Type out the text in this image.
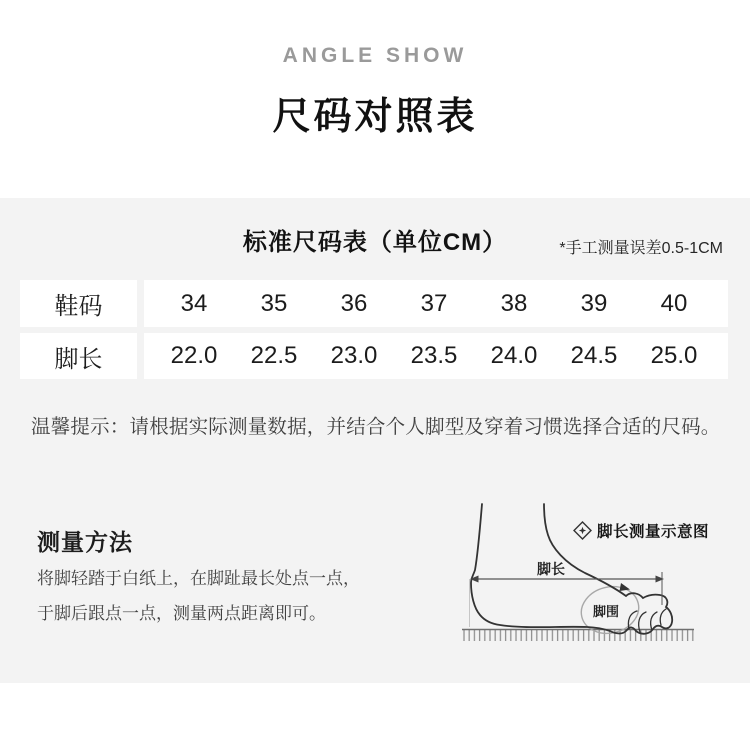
ANGLE SHOW
尺码对照表
标准尺码表（单位CM）	*手工测量误差0.5-1CM
鞋码	34	35	36	37	38	39	40
脚长	22.0	22.5	23.0	23.5	24.0	24.5	25.0
温馨提示：请根据实际测量数据，并结合个人脚型及穿着习惯选择合适的尺码。
测量方法
将脚轻踏于白纸上，在脚趾最长处点一点，
于脚后跟点一点，测量两点距离即可。
脚长
脚围
脚长测量示意图
